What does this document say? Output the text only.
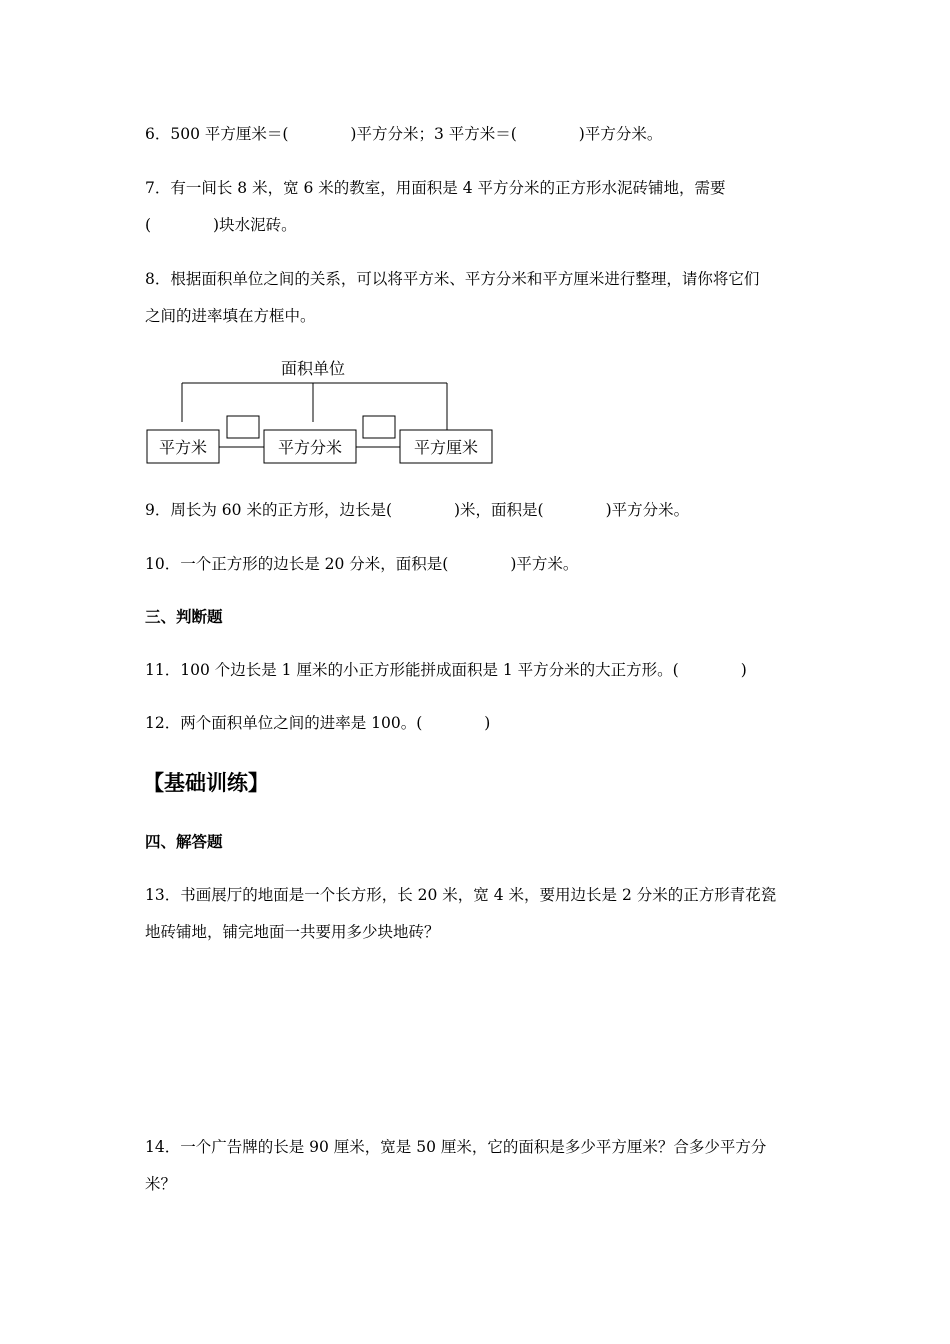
6．500 平方厘米＝(　　　　)平方分米；3 平方米＝(　　　　)平方分米。
7．有一间长 8 米，宽 6 米的教室，用面积是 4 平方分米的正方形水泥砖铺地，需要
(　　　　)块水泥砖。
8．根据面积单位之间的关系，可以将平方米、平方分米和平方厘米进行整理，请你将它们
之间的进率填在方框中。
面积单位
平方米	平方分米	平方厘米
9．周长为 60 米的正方形，边长是(　　　　)米，面积是(　　　　)平方分米。
10．一个正方形的边长是 20 分米，面积是(　　　　)平方米。
三、判断题
11．100 个边长是 1 厘米的小正方形能拼成面积是 1 平方分米的大正方形。(　　　　)
12．两个面积单位之间的进率是 100。(　　　　)
【基础训练】
四、解答题
13．书画展厅的地面是一个长方形，长 20 米，宽 4 米，要用边长是 2 分米的正方形青花瓷
地砖铺地，铺完地面一共要用多少块地砖？
14．一个广告牌的长是 90 厘米，宽是 50 厘米，它的面积是多少平方厘米？合多少平方分
米？
